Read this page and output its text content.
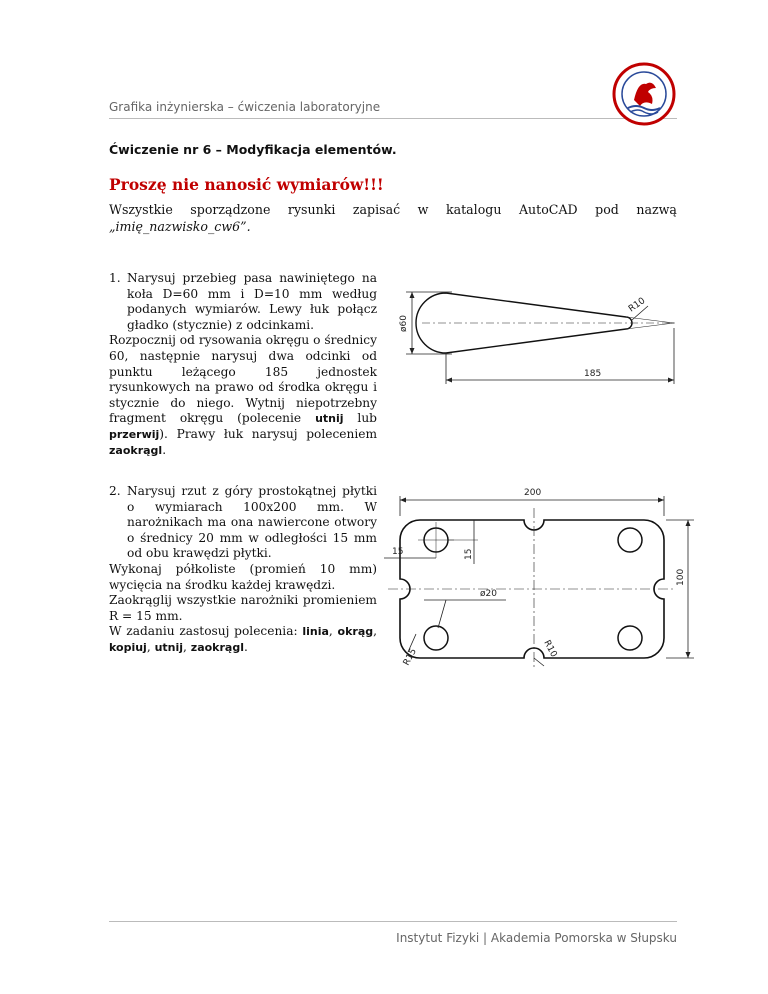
Grafika inżynierska – ćwiczenia laboratoryjne
Ćwiczenie nr 6 – Modyfikacja elementów.
Proszę nie nanosić wymiarów!!!
Wszystkie sporządzone rysunki zapisać w katalogu AutoCAD pod nazwą
„imię_nazwisko_cw6”.
1. Narysuj przebieg pasa nawiniętego na koła D=60 mm i D=10 mm według podanych wymiarów. Lewy łuk połącz gładko (stycznie) z odcinkami.
Rozpocznij od rysowania okręgu o średnicy 60, następnie narysuj dwa odcinki od punktu leżącego 185 jednostek rysunkowych na prawo od środka okręgu i stycznie do niego. Wytnij niepotrzebny fragment okręgu (polecenie utnij lub przerwij). Prawy łuk narysuj poleceniem zaokrągl.
ø60
R10
185
2. Narysuj rzut z góry prostokątnej płytki o wymiarach 100x200 mm. W narożnikach ma ona nawiercone otwory o średnicy 20 mm w odległości 15 mm od obu krawędzi płytki.
Wykonaj półkoliste (promień 10 mm) wycięcia na środku każdej krawędzi.
Zaokrąglij wszystkie narożniki promieniem R = 15 mm.
W zadaniu zastosuj polecenia: linia, okrąg, kopiuj, utnij, zaokrągl.
200
100
15	15
ø20
R15	R10
Instytut Fizyki | Akademia Pomorska w Słupsku
